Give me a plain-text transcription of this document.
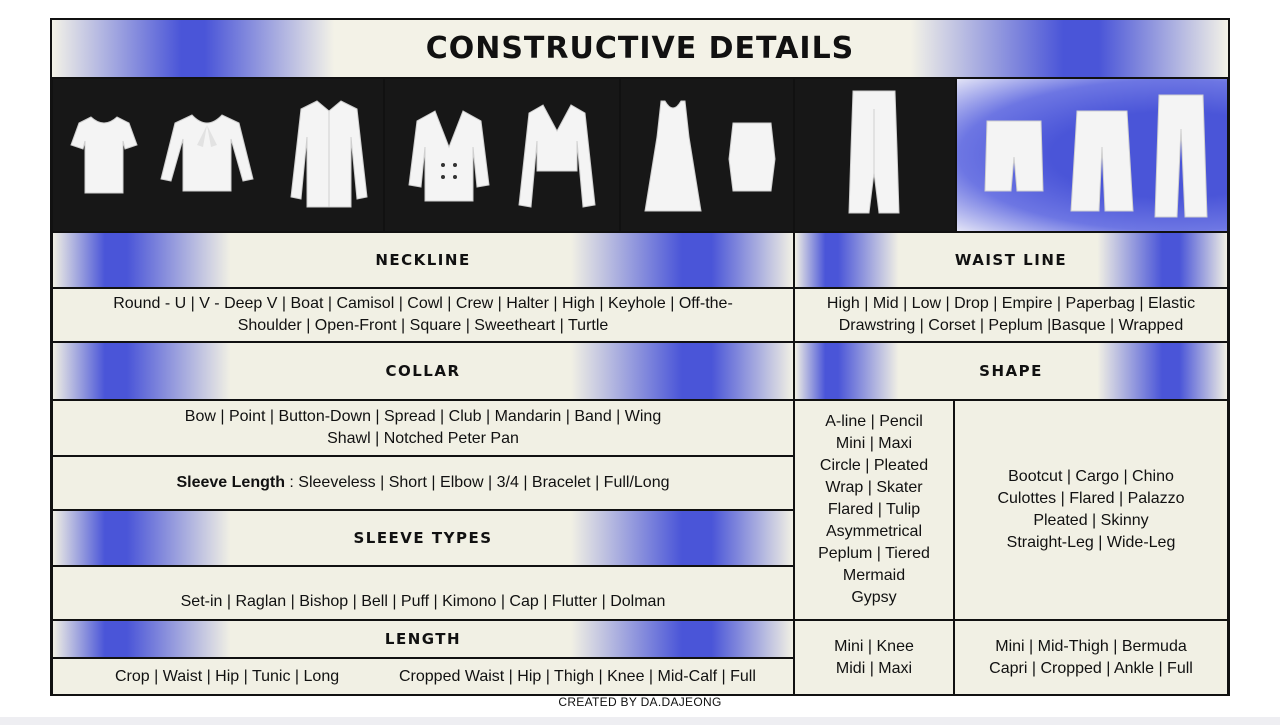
CONSTRUCTIVE DETAILS
NECKLINE
Round - U | V - Deep V | Boat | Camisol | Cowl | Crew | Halter | High | Keyhole | Off-the-
Shoulder | Open-Front | Square | Sweetheart | Turtle
WAIST LINE
High | Mid | Low | Drop | Empire | Paperbag | Elastic
Drawstring | Corset | Peplum |Basque | Wrapped
COLLAR
Bow | Point | Button-Down | Spread | Club | Mandarin | Band | Wing
Shawl | Notched Peter Pan
SHAPE
A-line | Pencil
Mini | Maxi
Circle | Pleated
Wrap | Skater
Flared | Tulip
Asymmetrical
Peplum | Tiered
Mermaid
Gypsy
Bootcut | Cargo | Chino
Culottes | Flared | Palazzo
Pleated | Skinny
Straight-Leg | Wide-Leg
Sleeve Length : Sleeveless | Short | Elbow | 3/4 | Bracelet | Full/Long
SLEEVE TYPES
Set-in | Raglan | Bishop | Bell | Puff | Kimono | Cap | Flutter | Dolman
LENGTH
Crop | Waist | Hip | Tunic | Long	Cropped Waist | Hip | Thigh | Knee | Mid-Calf | Full
Mini | Knee
Midi | Maxi
Mini | Mid-Thigh | Bermuda
Capri | Cropped | Ankle | Full
CREATED BY DA.DAJEONG
